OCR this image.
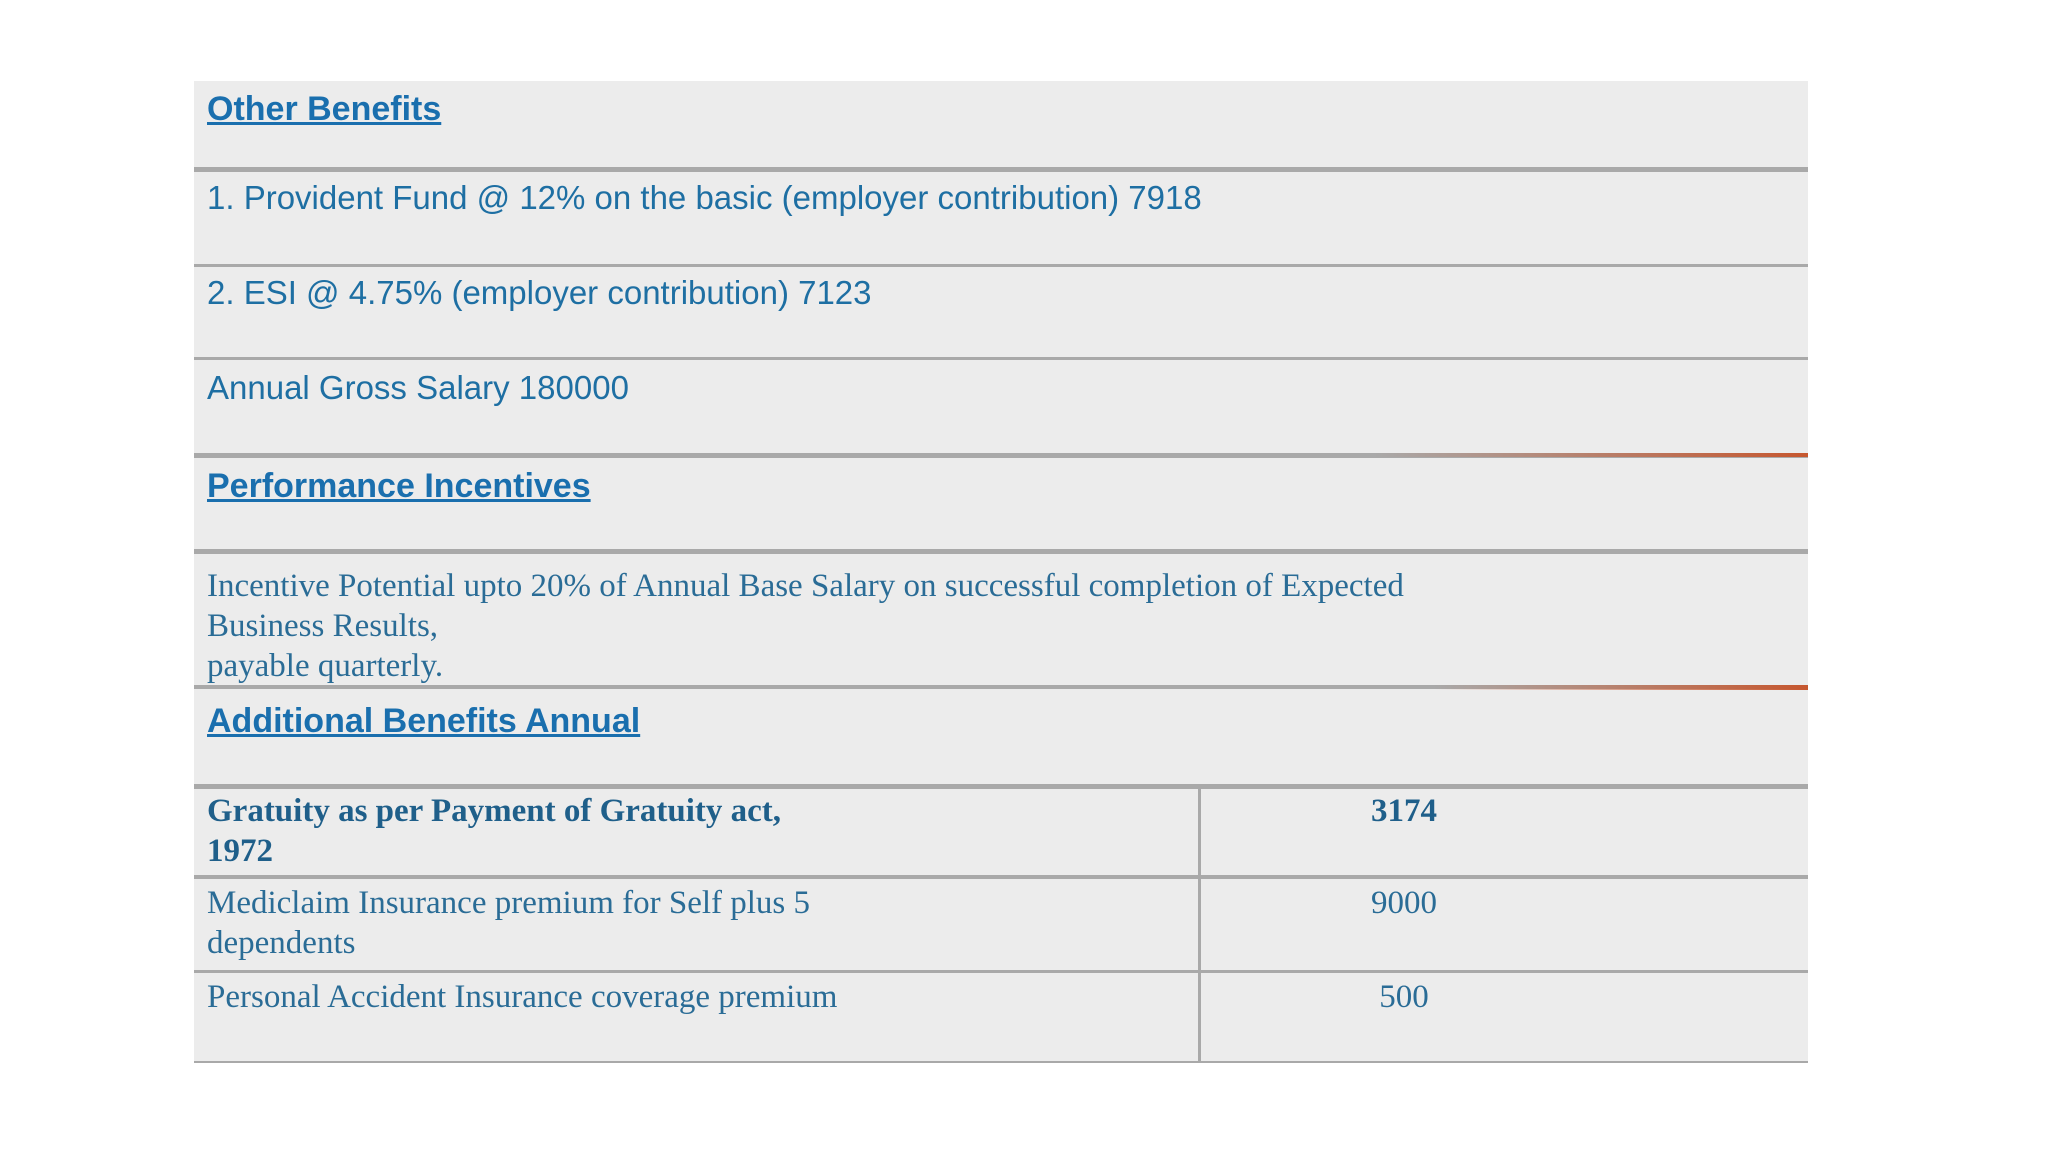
Other Benefits
1. Provident Fund @ 12% on the basic (employer contribution) 7918
2. ESI @ 4.75% (employer contribution) 7123
Annual Gross Salary 180000
Performance Incentives
Incentive Potential upto 20% of Annual Base Salary on successful completion of Expected
Business Results,
payable quarterly.
Additional Benefits Annual
Gratuity as per Payment of Gratuity act,
1972
3174
Mediclaim Insurance premium for Self plus 5
dependents
9000
Personal Accident Insurance coverage premium	500
